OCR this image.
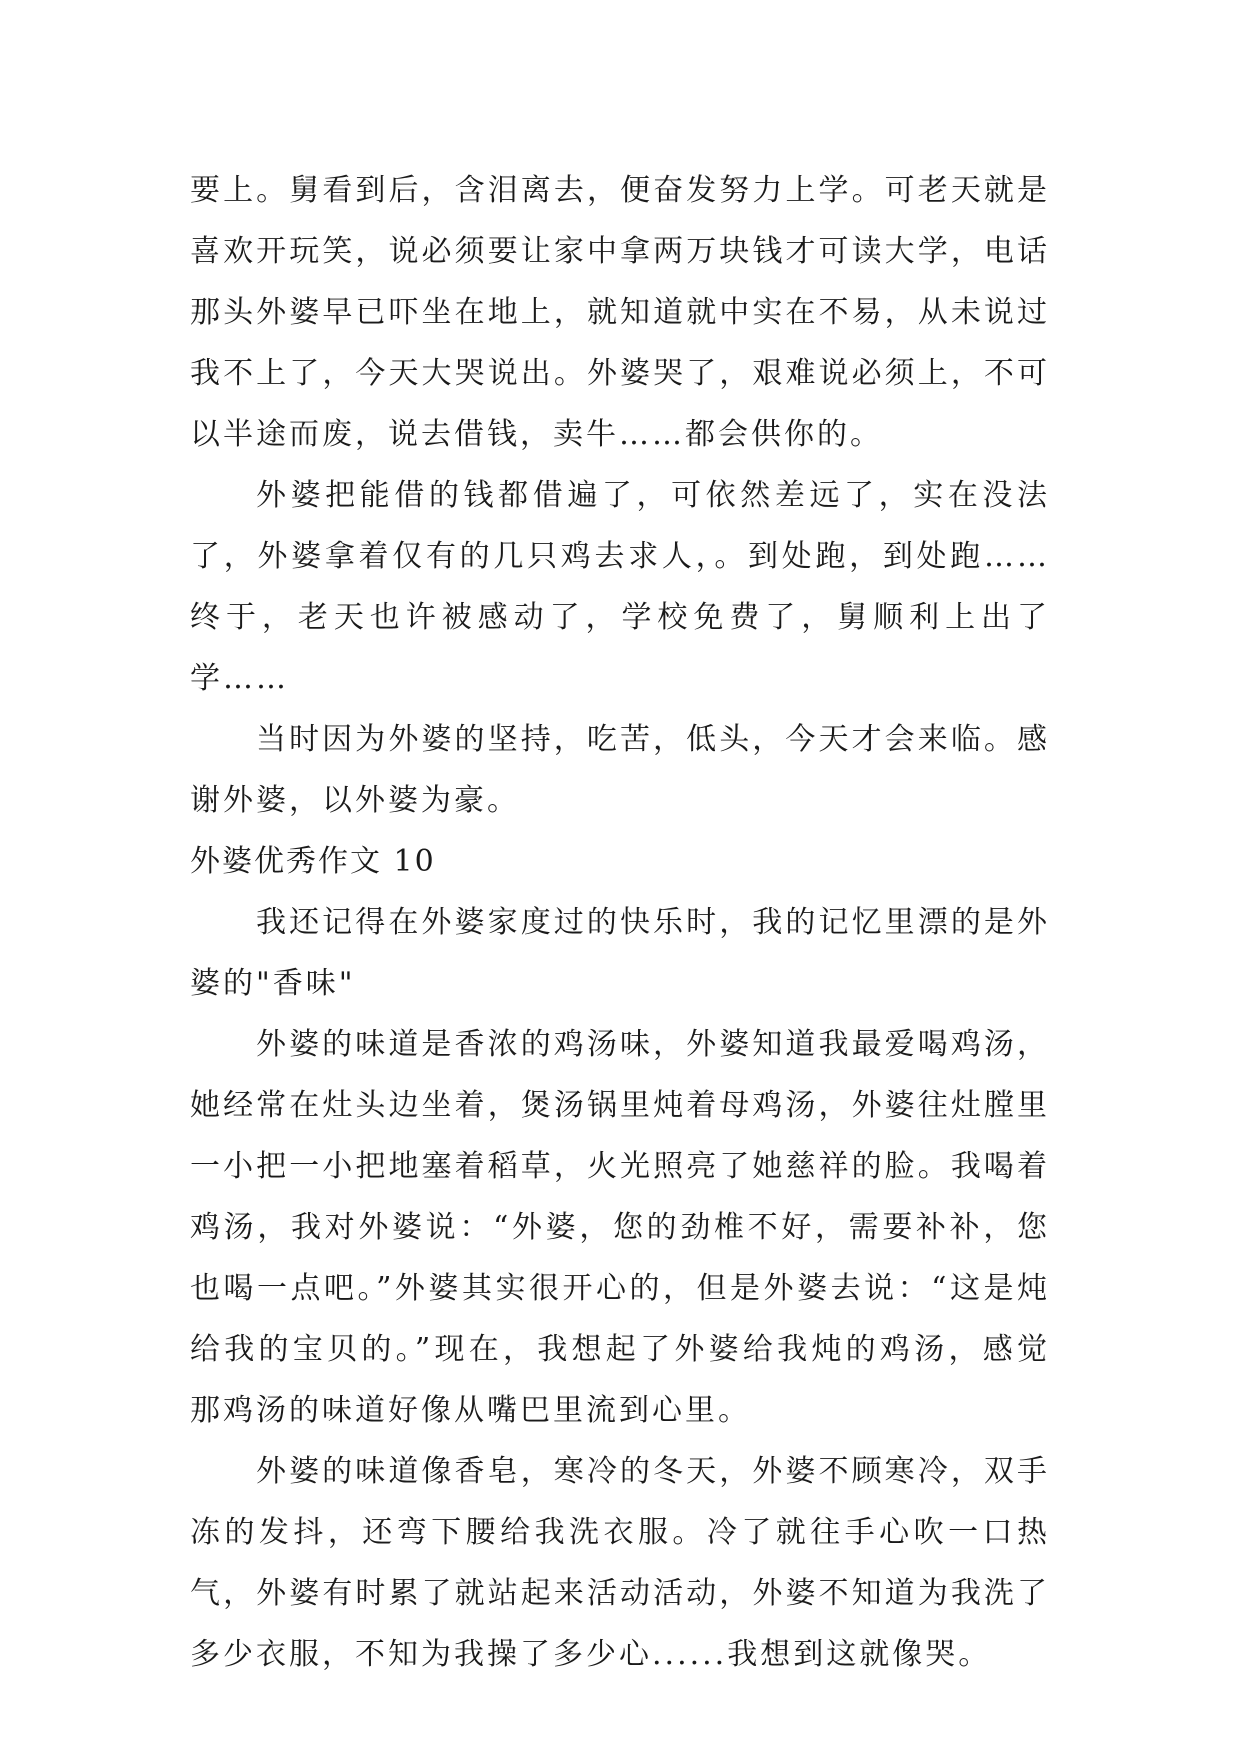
要上。舅看到后，含泪离去，便奋发努力上学。可老天就是喜欢开玩笑，说必须要让家中拿两万块钱才可读大学，电话那头外婆早已吓坐在地上，就知道就中实在不易，从未说过我不上了，今天大哭说出。外婆哭了，艰难说必须上，不可以半途而废，说去借钱，卖牛……都会供你的。

外婆把能借的钱都借遍了，可依然差远了，实在没法了，外婆拿着仅有的几只鸡去求人，。到处跑，到处跑……终于，老天也许被感动了，学校免费了，舅顺利上出了学……

当时因为外婆的坚持，吃苦，低头，今天才会来临。感谢外婆，以外婆为豪。

外婆优秀作文 10

我还记得在外婆家度过的快乐时，我的记忆里漂的是外婆的"香味"

外婆的味道是香浓的鸡汤味，外婆知道我最爱喝鸡汤，她经常在灶头边坐着，煲汤锅里炖着母鸡汤，外婆往灶膛里一小把一小把地塞着稻草，火光照亮了她慈祥的脸。我喝着鸡汤，我对外婆说：“外婆，您的劲椎不好，需要补补，您也喝一点吧。”外婆其实很开心的，但是外婆去说：“这是炖给我的宝贝的。”现在，我想起了外婆给我炖的鸡汤，感觉那鸡汤的味道好像从嘴巴里流到心里。

外婆的味道像香皂，寒冷的冬天，外婆不顾寒冷，双手冻的发抖，还弯下腰给我洗衣服。冷了就往手心吹一口热气，外婆有时累了就站起来活动活动，外婆不知道为我洗了多少衣服，不知为我操了多少心......我想到这就像哭。
